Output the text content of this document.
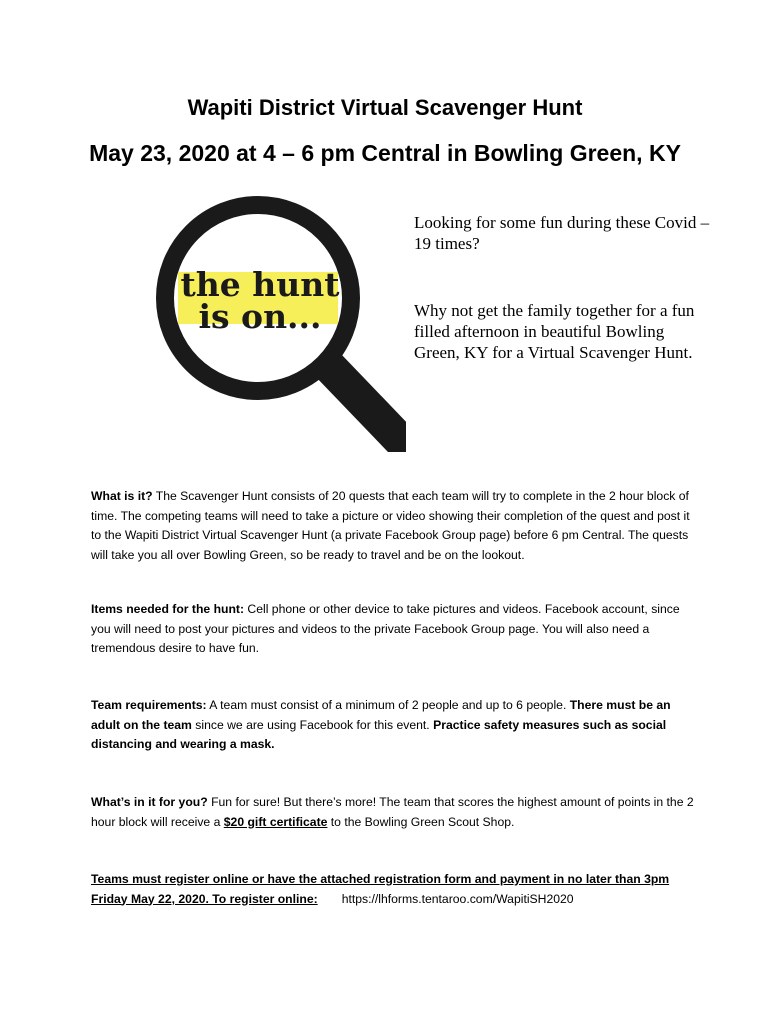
Wapiti District Virtual Scavenger Hunt
May 23, 2020 at 4 – 6 pm Central in Bowling Green, KY
the hunt
is on...
Looking for some fun during these Covid – 19 times?
Why not get the family together for a fun filled afternoon in beautiful Bowling Green, KY for a Virtual Scavenger Hunt.
What is it? The Scavenger Hunt consists of 20 quests that each team will try to complete in the 2 hour block of time. The competing teams will need to take a picture or video showing their completion of the quest and post it to the Wapiti District Virtual Scavenger Hunt (a private Facebook Group page) before 6 pm Central. The quests will take you all over Bowling Green, so be ready to travel and be on the lookout.
Items needed for the hunt: Cell phone or other device to take pictures and videos. Facebook account, since you will need to post your pictures and videos to the private Facebook Group page. You will also need a tremendous desire to have fun.
Team requirements: A team must consist of a minimum of 2 people and up to 6 people. There must be an adult on the team since we are using Facebook for this event. Practice safety measures such as social distancing and wearing a mask.
What’s in it for you? Fun for sure! But there’s more! The team that scores the highest amount of points in the 2 hour block will receive a $20 gift certificate to the Bowling Green Scout Shop.
Teams must register online or have the attached registration form and payment in no later than 3pm Friday May 22, 2020. To register online: https://lhforms.tentaroo.com/WapitiSH2020
